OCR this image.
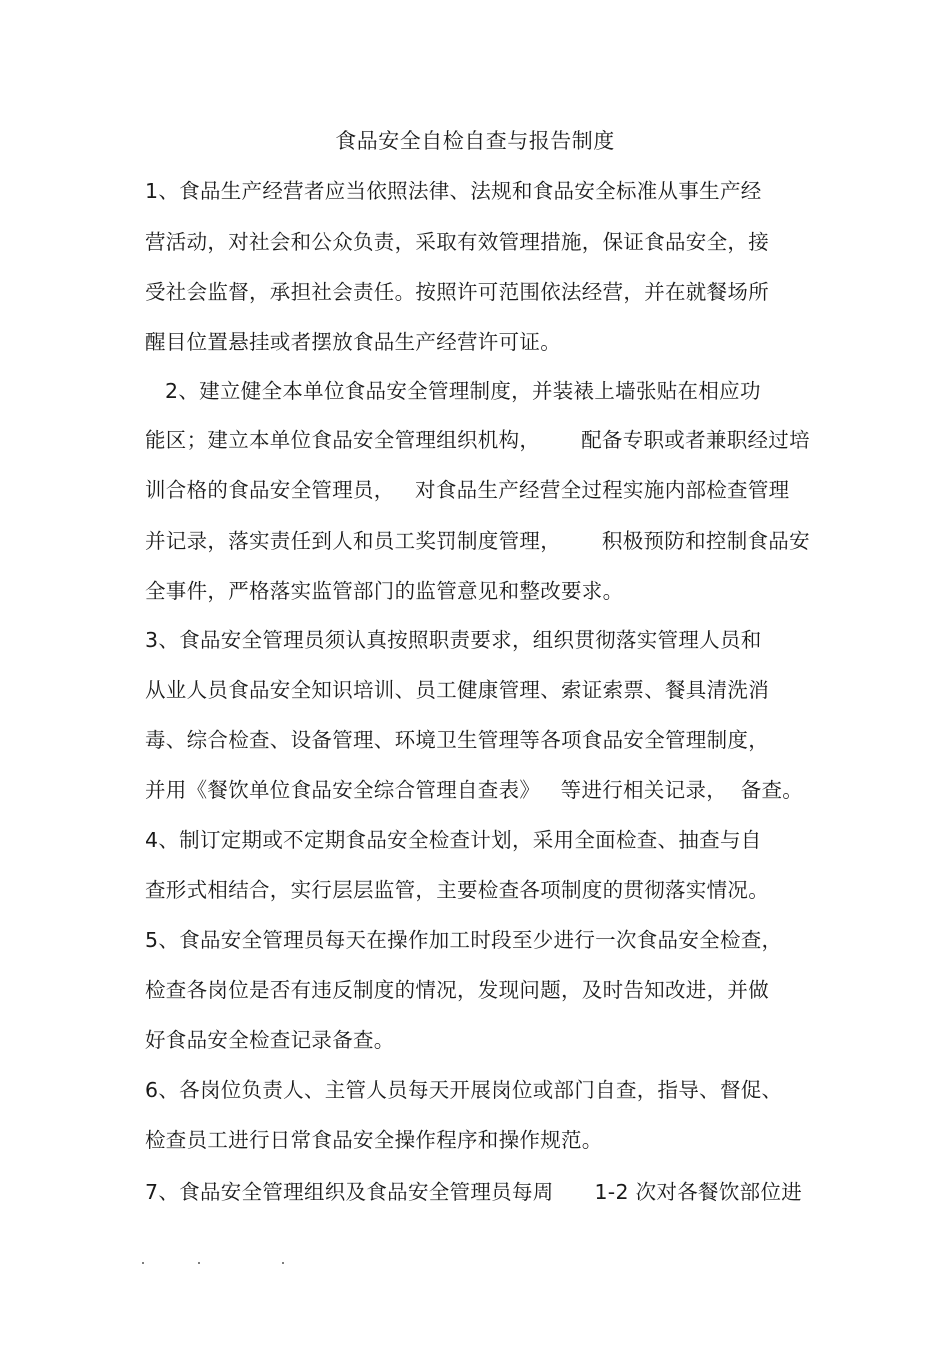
食品安全自检自查与报告制度
1、食品生产经营者应当依照法律、法规和食品安全标准从事生产经
营活动，对社会和公众负责，采取有效管理措施，保证食品安全，接
受社会监督，承担社会责任。按照许可范围依法经营，并在就餐场所
醒目位置悬挂或者摆放食品生产经营许可证。
2、建立健全本单位食品安全管理制度，并装裱上墙张贴在相应功
能区；建立本单位食品安全管理组织机构，      配备专职或者兼职经过培
训合格的食品安全管理员，   对食品生产经营全过程实施内部检查管理
并记录，落实责任到人和员工奖罚制度管理，      积极预防和控制食品安
全事件，严格落实监管部门的监管意见和整改要求。
3、食品安全管理员须认真按照职责要求，组织贯彻落实管理人员和
从业人员食品安全知识培训、员工健康管理、索证索票、餐具清洗消
毒、综合检查、设备管理、环境卫生管理等各项食品安全管理制度，
并用《餐饮单位食品安全综合管理自查表》   等进行相关记录，  备查。
4、制订定期或不定期食品安全检查计划，采用全面检查、抽查与自
查形式相结合，实行层层监管，主要检查各项制度的贯彻落实情况。
5、食品安全管理员每天在操作加工时段至少进行一次食品安全检查，
检查各岗位是否有违反制度的情况，发现问题，及时告知改进，并做
好食品安全检查记录备查。
6、各岗位负责人、主管人员每天开展岗位或部门自查，指导、督促、
检查员工进行日常食品安全操作程序和操作规范。
7、食品安全管理组织及食品安全管理员每周      1-2 次对各餐饮部位进
